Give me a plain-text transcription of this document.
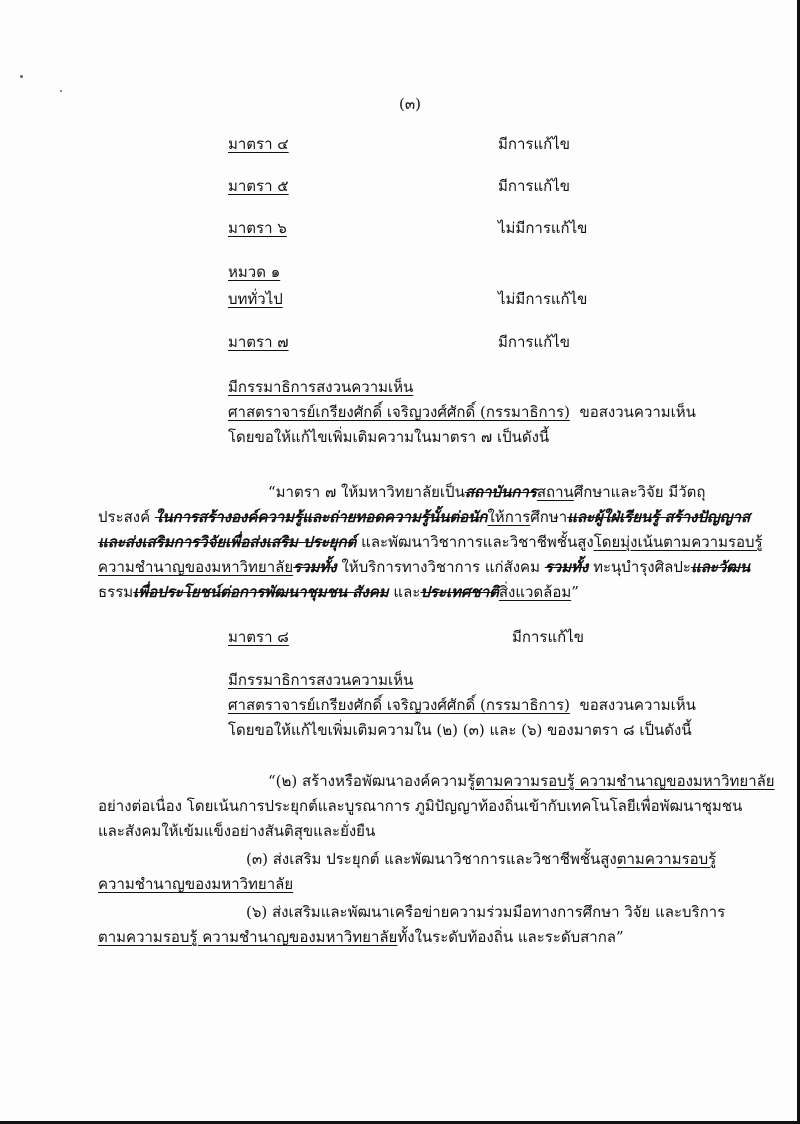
(๓)
มาตรา ๔	มีการแก้ไข
มาตรา ๕	มีการแก้ไข
มาตรา ๖	ไม่มีการแก้ไข
หมวด ๑
บททั่วไป	ไม่มีการแก้ไข
มาตรา ๗	มีการแก้ไข
มีกรรมาธิการสงวนความเห็น
ศาสตราจารย์เกรียงศักดิ์ เจริญวงศ์ศักดิ์ (กรรมาธิการ) ขอสงวนความเห็น
โดยขอให้แก้ไขเพิ่มเติมความในมาตรา ๗ เป็นดังนี้
“มาตรา ๗ ให้มหาวิทยาลัยเป็นสถาบันการสถานศึกษาและวิจัย มีวัตถุ
ประสงค์ ในการสร้างองค์ความรู้และถ่ายทอดความรู้นั้นต่อนักให้การศึกษาและผู้ใฝ่เรียนรู้ สร้างปัญญาส
และส่งเสริมการวิจัยเพื่อส่งเสริม ประยุกต์ และพัฒนาวิชาการและวิชาชีพชั้นสูงโดยมุ่งเน้นตามความรอบรู้
ความชำนาญของมหาวิทยาลัยรวมทั้ง ให้บริการทางวิชาการ แก่สังคม รวมทั้ง ทะนุบำรุงศิลปะและวัฒน
ธรรมเพื่อประโยชน์ต่อการพัฒนาชุมชน สังคม และประเทศชาติสิ่งแวดล้อม”
มาตรา ๘	มีการแก้ไข
มีกรรมาธิการสงวนความเห็น
ศาสตราจารย์เกรียงศักดิ์ เจริญวงศ์ศักดิ์ (กรรมาธิการ) ขอสงวนความเห็น
โดยขอให้แก้ไขเพิ่มเติมความใน (๒) (๓) และ (๖) ของมาตรา ๘ เป็นดังนี้
“(๒) สร้างหรือพัฒนาองค์ความรู้ตามความรอบรู้ ความชำนาญของมหาวิทยาลัย
อย่างต่อเนื่อง โดยเน้นการประยุกต์และบูรณาการ ภูมิปัญญาท้องถิ่นเข้ากับเทคโนโลยีเพื่อพัฒนาชุมชน
และสังคมให้เข้มแข็งอย่างสันติสุขและยั่งยืน
(๓) ส่งเสริม ประยุกต์ และพัฒนาวิชาการและวิชาชีพชั้นสูงตามความรอบรู้
ความชำนาญของมหาวิทยาลัย
(๖) ส่งเสริมและพัฒนาเครือข่ายความร่วมมือทางการศึกษา วิจัย และบริการ
ตามความรอบรู้ ความชำนาญของมหาวิทยาลัยทั้งในระดับท้องถิ่น และระดับสากล”
